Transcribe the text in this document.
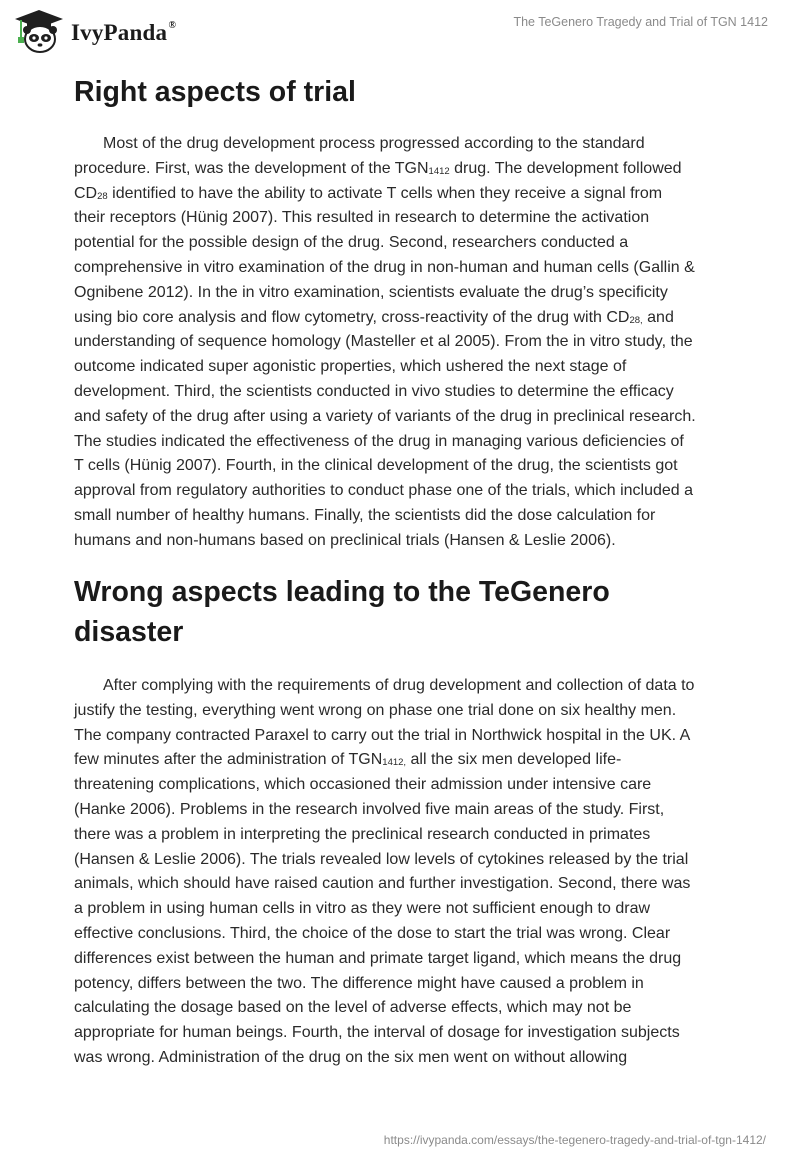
IvyPanda ®	The TeGenero Tragedy and Trial of TGN 1412
Right aspects of trial
Most of the drug development process progressed according to the standard
procedure. First, was the development of the $TGN_{1412}$ drug. The development followed
$CD_{28}$ identified to have the ability to activate T cells when they receive a signal from
their receptors (Hünig 2007). This resulted in research to determine the activation
potential for the possible design of the drug. Second, researchers conducted a
comprehensive in vitro examination of the drug in non-human and human cells (Gallin &
Ognibene 2012). In the in vitro examination, scientists evaluate the drug’s specificity
using bio core analysis and flow cytometry, cross-reactivity of the drug with $CD_{28,}$ and
understanding of sequence homology (Masteller et al 2005). From the in vitro study, the
outcome indicated super agonistic properties, which ushered the next stage of
development. Third, the scientists conducted in vivo studies to determine the efficacy
and safety of the drug after using a variety of variants of the drug in preclinical research.
The studies indicated the effectiveness of the drug in managing various deficiencies of
T cells (Hünig 2007). Fourth, in the clinical development of the drug, the scientists got
approval from regulatory authorities to conduct phase one of the trials, which included a
small number of healthy humans. Finally, the scientists did the dose calculation for
humans and non-humans based on preclinical trials (Hansen & Leslie 2006).
Wrong aspects leading to the TeGenero
disaster
After complying with the requirements of drug development and collection of data to
justify the testing, everything went wrong on phase one trial done on six healthy men.
The company contracted Paraxel to carry out the trial in Northwick hospital in the UK. A
few minutes after the administration of $TGN_{1412,}$ all the six men developed life-
threatening complications, which occasioned their admission under intensive care
(Hanke 2006). Problems in the research involved five main areas of the study. First,
there was a problem in interpreting the preclinical research conducted in primates
(Hansen & Leslie 2006). The trials revealed low levels of cytokines released by the trial
animals, which should have raised caution and further investigation. Second, there was
a problem in using human cells in vitro as they were not sufficient enough to draw
effective conclusions. Third, the choice of the dose to start the trial was wrong. Clear
differences exist between the human and primate target ligand, which means the drug
potency, differs between the two. The difference might have caused a problem in
calculating the dosage based on the level of adverse effects, which may not be
appropriate for human beings. Fourth, the interval of dosage for investigation subjects
was wrong. Administration of the drug on the six men went on without allowing
https://ivypanda.com/essays/the-tegenero-tragedy-and-trial-of-tgn-1412/
